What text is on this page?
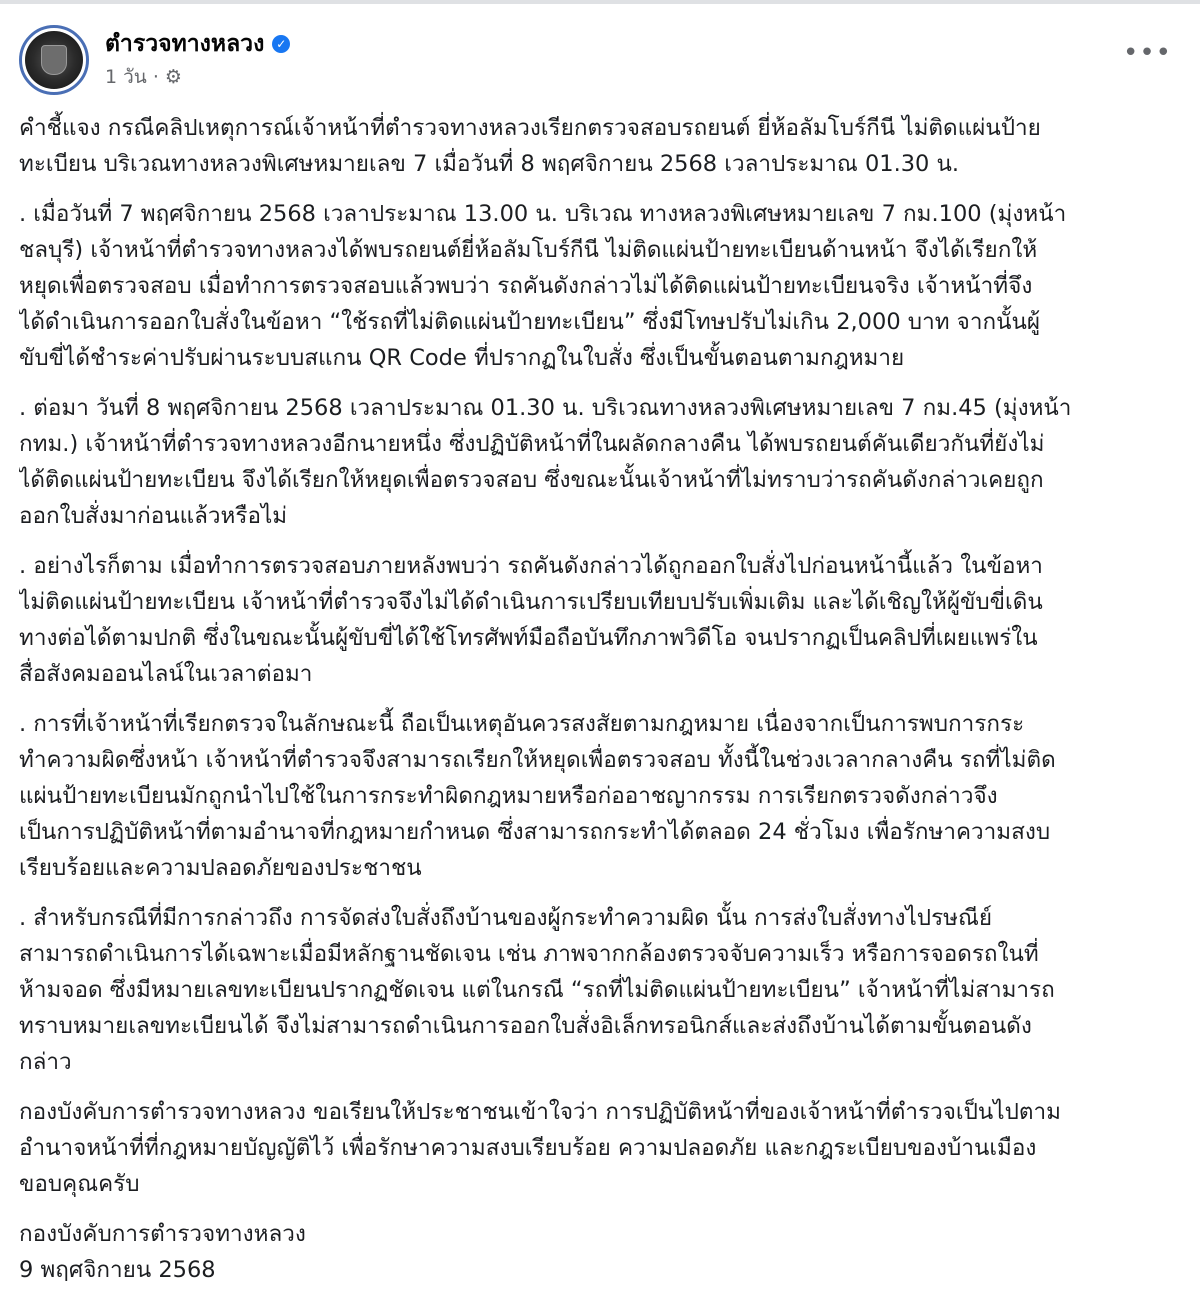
ตำรวจทางหลวง ✓
1 วัน · ⚙
•••
คำชี้แจง กรณีคลิปเหตุการณ์เจ้าหน้าที่ตำรวจทางหลวงเรียกตรวจสอบรถยนต์ ยี่ห้อลัมโบร์กีนี ไม่ติดแผ่นป้าย
ทะเบียน บริเวณทางหลวงพิเศษหมายเลข 7 เมื่อวันที่ 8 พฤศจิกายน 2568 เวลาประมาณ 01.30 น.
. เมื่อวันที่ 7 พฤศจิกายน 2568 เวลาประมาณ 13.00 น. บริเวณ ทางหลวงพิเศษหมายเลข 7 กม.100 (มุ่งหน้า
ชลบุรี) เจ้าหน้าที่ตำรวจทางหลวงได้พบรถยนต์ยี่ห้อลัมโบร์กีนี ไม่ติดแผ่นป้ายทะเบียนด้านหน้า จึงได้เรียกให้
หยุดเพื่อตรวจสอบ เมื่อทำการตรวจสอบแล้วพบว่า รถคันดังกล่าวไม่ได้ติดแผ่นป้ายทะเบียนจริง เจ้าหน้าที่จึง
ได้ดำเนินการออกใบสั่งในข้อหา “ใช้รถที่ไม่ติดแผ่นป้ายทะเบียน” ซึ่งมีโทษปรับไม่เกิน 2,000 บาท จากนั้นผู้
ขับขี่ได้ชำระค่าปรับผ่านระบบสแกน QR Code ที่ปรากฏในใบสั่ง ซึ่งเป็นขั้นตอนตามกฎหมาย
. ต่อมา วันที่ 8 พฤศจิกายน 2568 เวลาประมาณ 01.30 น. บริเวณทางหลวงพิเศษหมายเลข 7 กม.45 (มุ่งหน้า
กทม.) เจ้าหน้าที่ตำรวจทางหลวงอีกนายหนึ่ง ซึ่งปฏิบัติหน้าที่ในผลัดกลางคืน ได้พบรถยนต์คันเดียวกันที่ยังไม่
ได้ติดแผ่นป้ายทะเบียน จึงได้เรียกให้หยุดเพื่อตรวจสอบ ซึ่งขณะนั้นเจ้าหน้าที่ไม่ทราบว่ารถคันดังกล่าวเคยถูก
ออกใบสั่งมาก่อนแล้วหรือไม่
. อย่างไรก็ตาม เมื่อทำการตรวจสอบภายหลังพบว่า รถคันดังกล่าวได้ถูกออกใบสั่งไปก่อนหน้านี้แล้ว ในข้อหา
ไม่ติดแผ่นป้ายทะเบียน เจ้าหน้าที่ตำรวจจึงไม่ได้ดำเนินการเปรียบเทียบปรับเพิ่มเติม และได้เชิญให้ผู้ขับขี่เดิน
ทางต่อได้ตามปกติ ซึ่งในขณะนั้นผู้ขับขี่ได้ใช้โทรศัพท์มือถือบันทึกภาพวิดีโอ จนปรากฏเป็นคลิปที่เผยแพร่ใน
สื่อสังคมออนไลน์ในเวลาต่อมา
. การที่เจ้าหน้าที่เรียกตรวจในลักษณะนี้ ถือเป็นเหตุอันควรสงสัยตามกฎหมาย เนื่องจากเป็นการพบการกระ
ทำความผิดซึ่งหน้า เจ้าหน้าที่ตำรวจจึงสามารถเรียกให้หยุดเพื่อตรวจสอบ ทั้งนี้ในช่วงเวลากลางคืน รถที่ไม่ติด
แผ่นป้ายทะเบียนมักถูกนำไปใช้ในการกระทำผิดกฎหมายหรือก่ออาชญากรรม การเรียกตรวจดังกล่าวจึง
เป็นการปฏิบัติหน้าที่ตามอำนาจที่กฎหมายกำหนด ซึ่งสามารถกระทำได้ตลอด 24 ชั่วโมง เพื่อรักษาความสงบ
เรียบร้อยและความปลอดภัยของประชาชน
. สำหรับกรณีที่มีการกล่าวถึง การจัดส่งใบสั่งถึงบ้านของผู้กระทำความผิด นั้น การส่งใบสั่งทางไปรษณีย์
สามารถดำเนินการได้เฉพาะเมื่อมีหลักฐานชัดเจน เช่น ภาพจากกล้องตรวจจับความเร็ว หรือการจอดรถในที่
ห้ามจอด ซึ่งมีหมายเลขทะเบียนปรากฏชัดเจน แต่ในกรณี “รถที่ไม่ติดแผ่นป้ายทะเบียน” เจ้าหน้าที่ไม่สามารถ
ทราบหมายเลขทะเบียนได้ จึงไม่สามารถดำเนินการออกใบสั่งอิเล็กทรอนิกส์และส่งถึงบ้านได้ตามขั้นตอนดัง
กล่าว
กองบังคับการตำรวจทางหลวง ขอเรียนให้ประชาชนเข้าใจว่า การปฏิบัติหน้าที่ของเจ้าหน้าที่ตำรวจเป็นไปตาม
อำนาจหน้าที่ที่กฎหมายบัญญัติไว้ เพื่อรักษาความสงบเรียบร้อย ความปลอดภัย และกฎระเบียบของบ้านเมือง
ขอบคุณครับ
กองบังคับการตำรวจทางหลวง
9 พฤศจิกายน 2568
